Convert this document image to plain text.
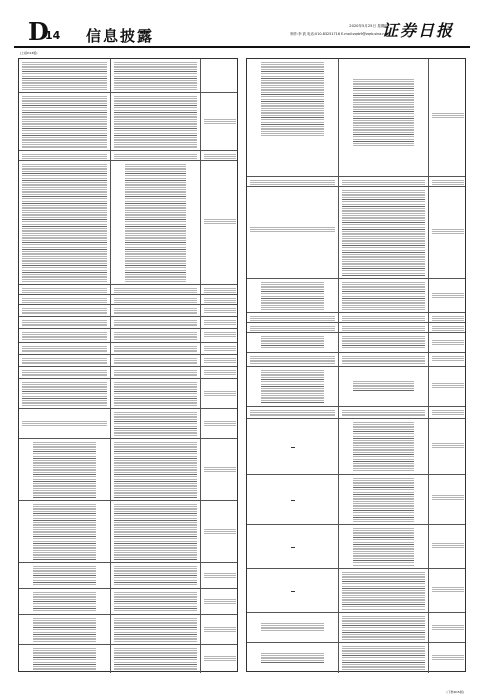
D
14 信息披露
2020年5月25日 星期四
制作:李 波 电话:010-83251716 E-mail:zqrb9@zqrb.sina.net
证券日报
(上接D13版)
(下转D15版)
